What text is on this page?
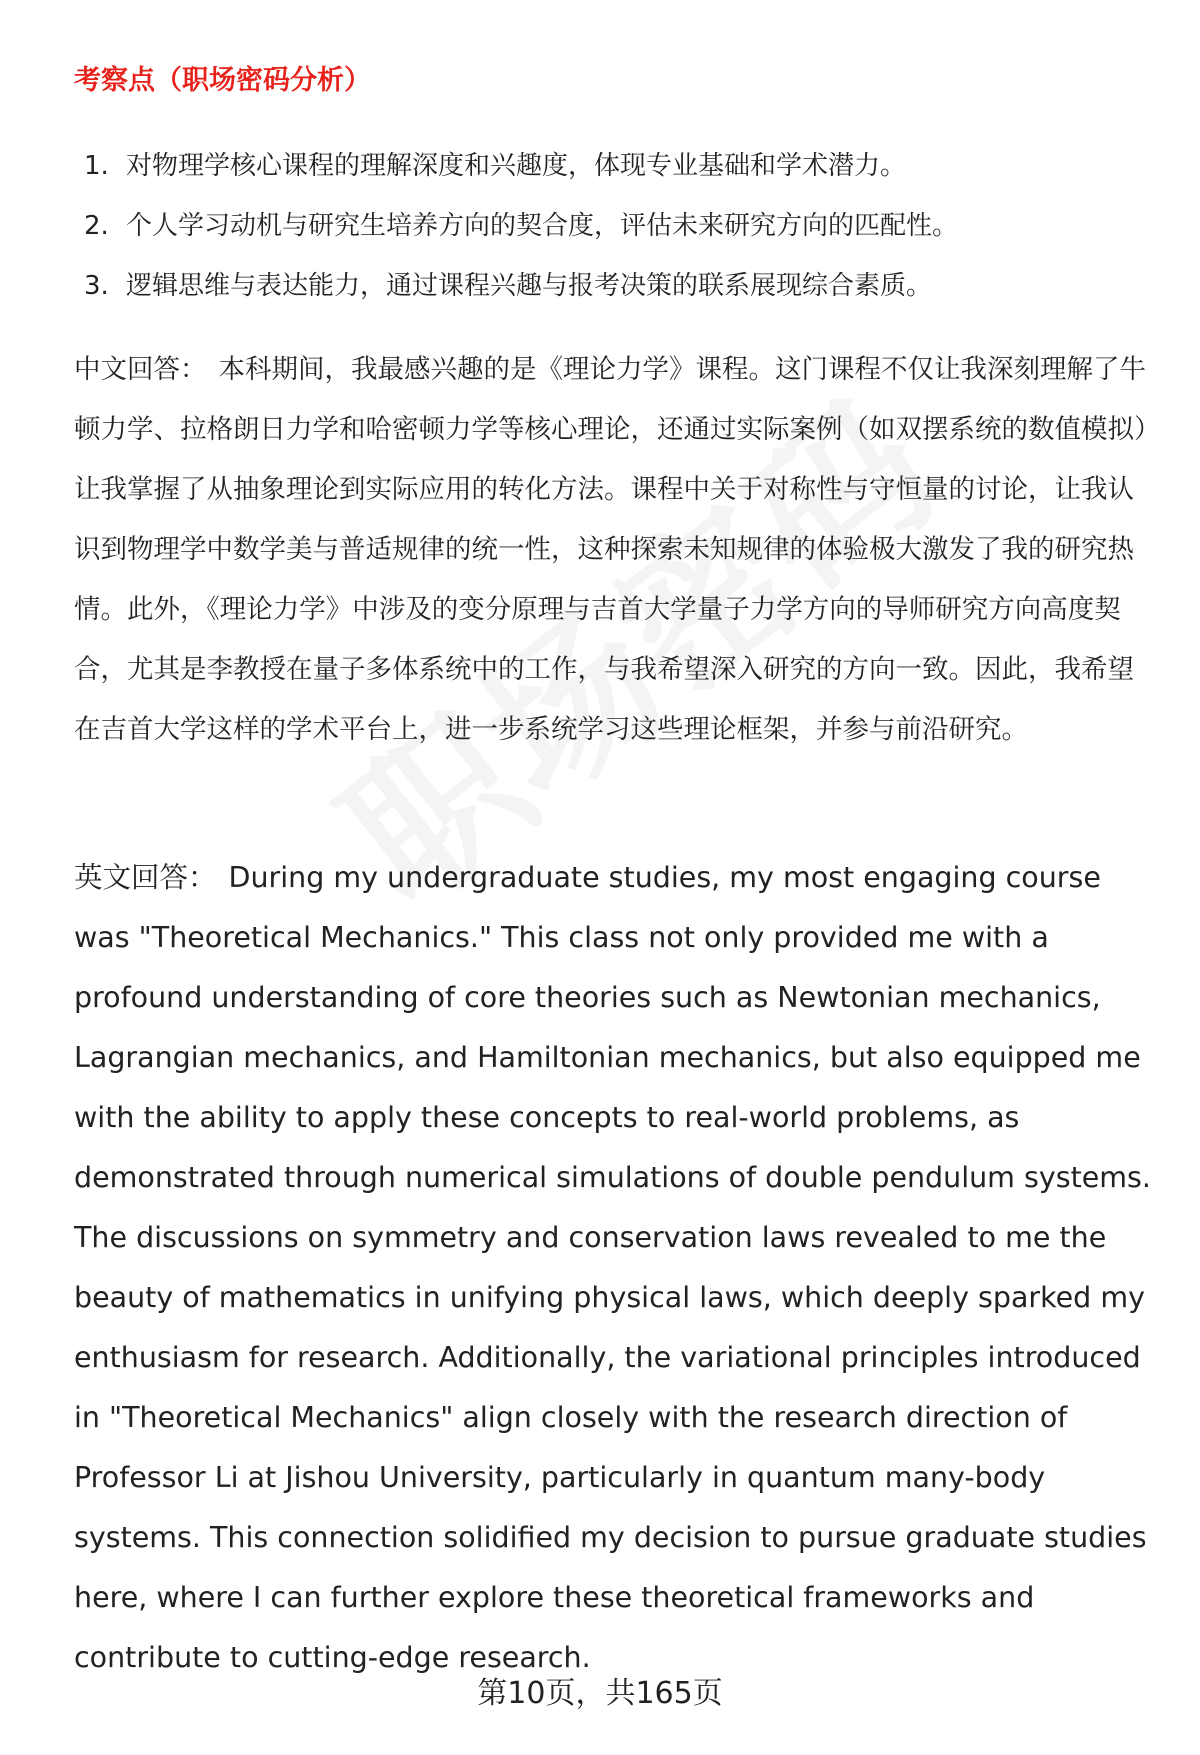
考察点（职场密码分析）
1. 对物理学核心课程的理解深度和兴趣度，体现专业基础和学术潜力。
2. 个人学习动机与研究生培养方向的契合度，评估未来研究方向的匹配性。
3. 逻辑思维与表达能力，通过课程兴趣与报考决策的联系展现综合素质。

中文回答： 本科期间，我最感兴趣的是《理论力学》课程。这门课程不仅让我深刻理解了牛顿力学、拉格朗日力学和哈密顿力学等核心理论，还通过实际案例（如双摆系统的数值模拟）让我掌握了从抽象理论到实际应用的转化方法。课程中关于对称性与守恒量的讨论，让我认识到物理学中数学美与普适规律的统一性，这种探索未知规律的体验极大激发了我的研究热情。此外，《理论力学》中涉及的变分原理与吉首大学量子力学方向的导师研究方向高度契合，尤其是李教授在量子多体系统中的工作，与我希望深入研究的方向一致。因此，我希望在吉首大学这样的学术平台上，进一步系统学习这些理论框架，并参与前沿研究。

英文回答： During my undergraduate studies, my most engaging course was "Theoretical Mechanics." This class not only provided me with a profound understanding of core theories such as Newtonian mechanics, Lagrangian mechanics, and Hamiltonian mechanics, but also equipped me with the ability to apply these concepts to real-world problems, as demonstrated through numerical simulations of double pendulum systems. The discussions on symmetry and conservation laws revealed to me the beauty of mathematics in unifying physical laws, which deeply sparked my enthusiasm for research. Additionally, the variational principles introduced in "Theoretical Mechanics" align closely with the research direction of Professor Li at Jishou University, particularly in quantum many-body systems. This connection solidified my decision to pursue graduate studies here, where I can further explore these theoretical frameworks and contribute to cutting-edge research.

第10页，共165页
